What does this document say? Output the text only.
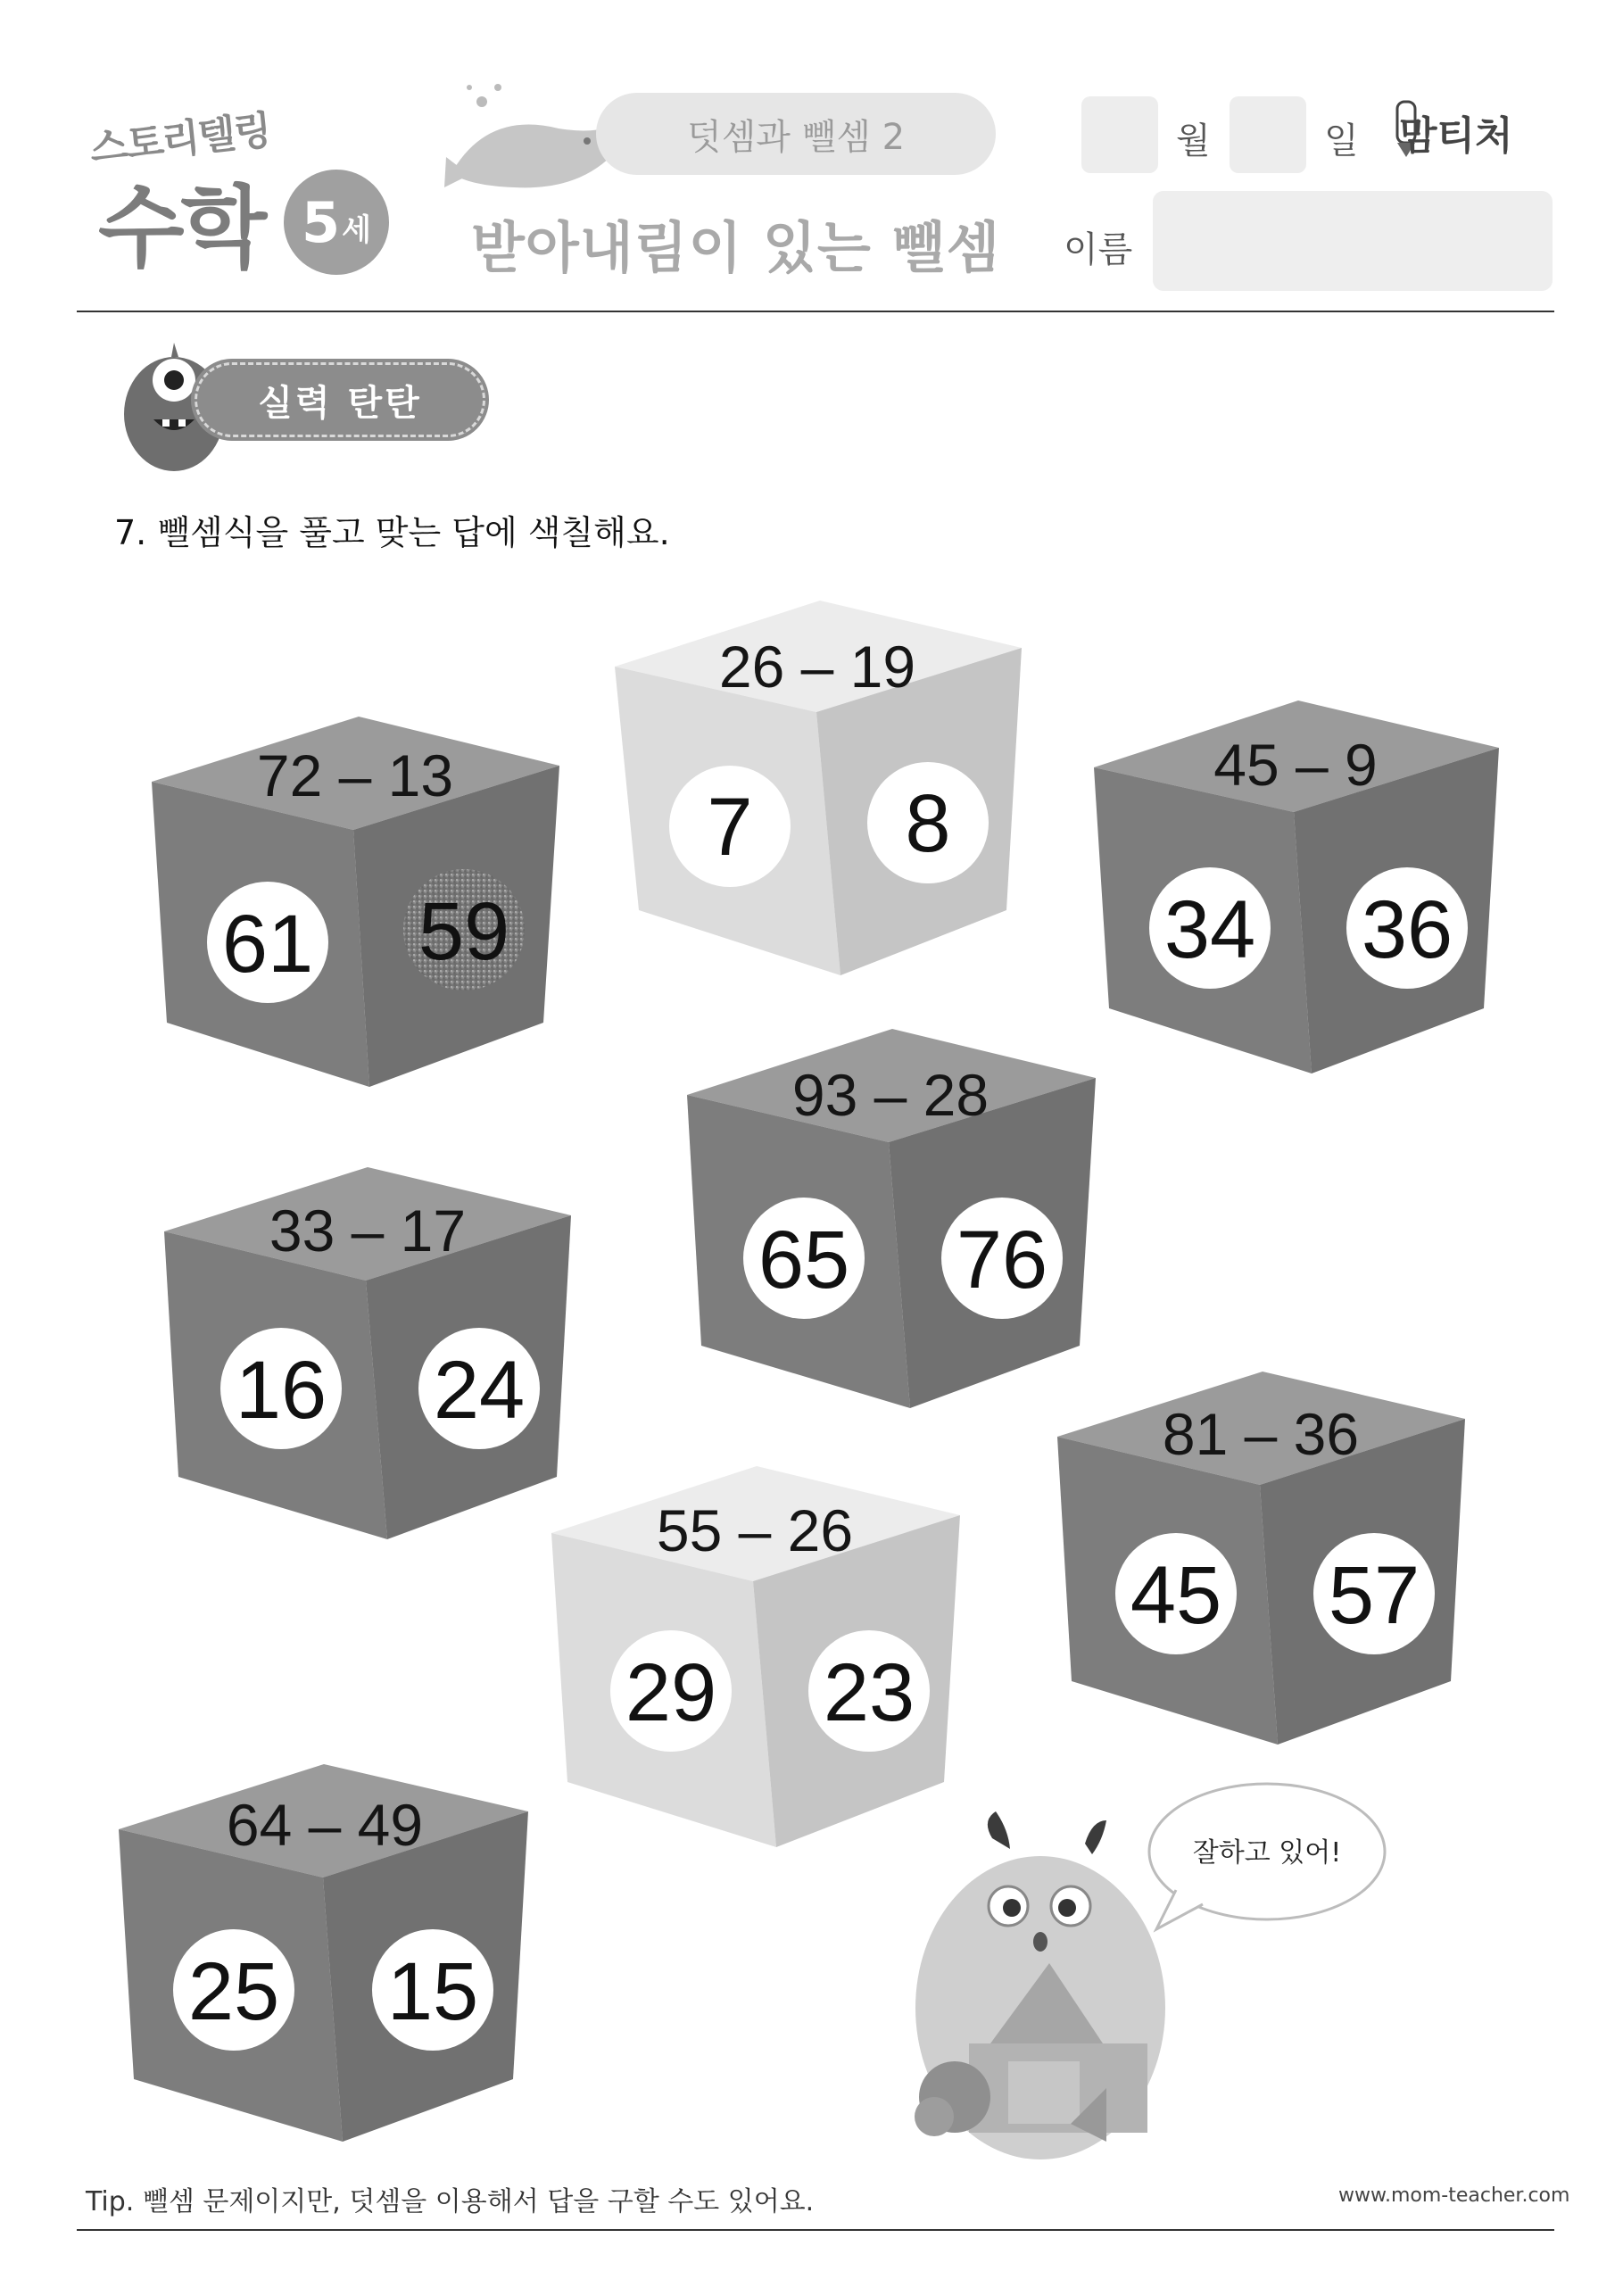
스토리텔링
수학 5 세
덧셈과 뺄셈 2
받아내림이 있는 뺄셈
월	일 맘티처
이름
실력 탄탄
7. 뺄셈식을 풀고 맞는 답에 색칠해요.
72 – 13
61 59
26 – 19
7 8
45 – 9
34 36
93 – 28
65 76
33 – 17
16 24	81 – 36
45 57
55 – 26
29 23
64 – 49
25 15
잘하고 있어!
Tip. 뺄셈 문제이지만, 덧셈을 이용해서 답을 구할 수도 있어요.	www.mom-teacher.com
